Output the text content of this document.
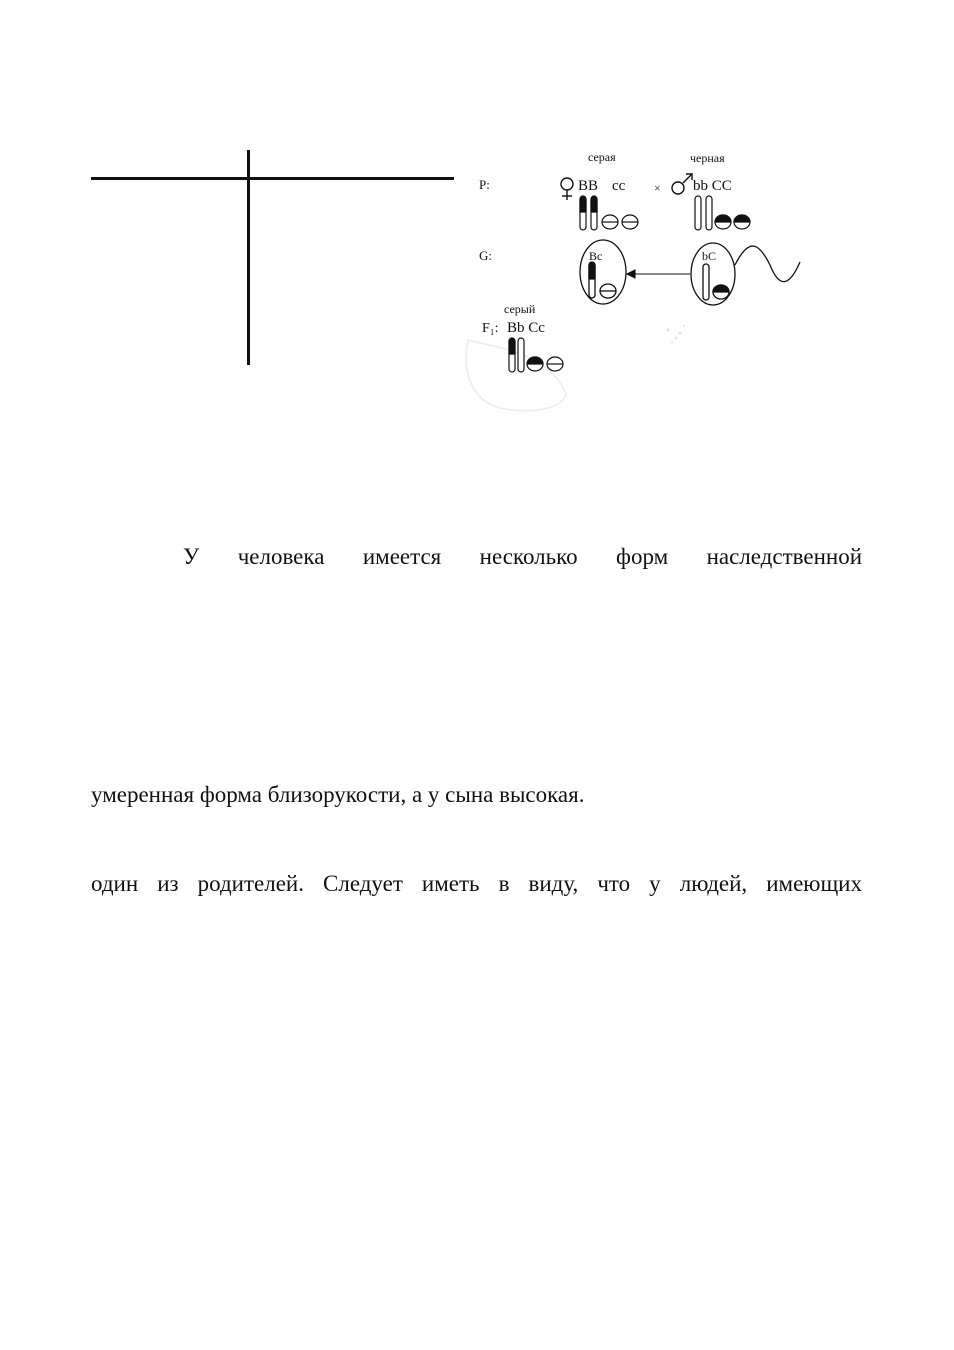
P:
G:
F₁:
серая
BB cc ×
черная
bb CC
Bc	bC
серый
Bb Cc

У человека имеется несколько форм наследственной

умеренная форма близорукости, а у сына высокая.

один из родителей. Следует иметь в виду, что у людей, имеющих
